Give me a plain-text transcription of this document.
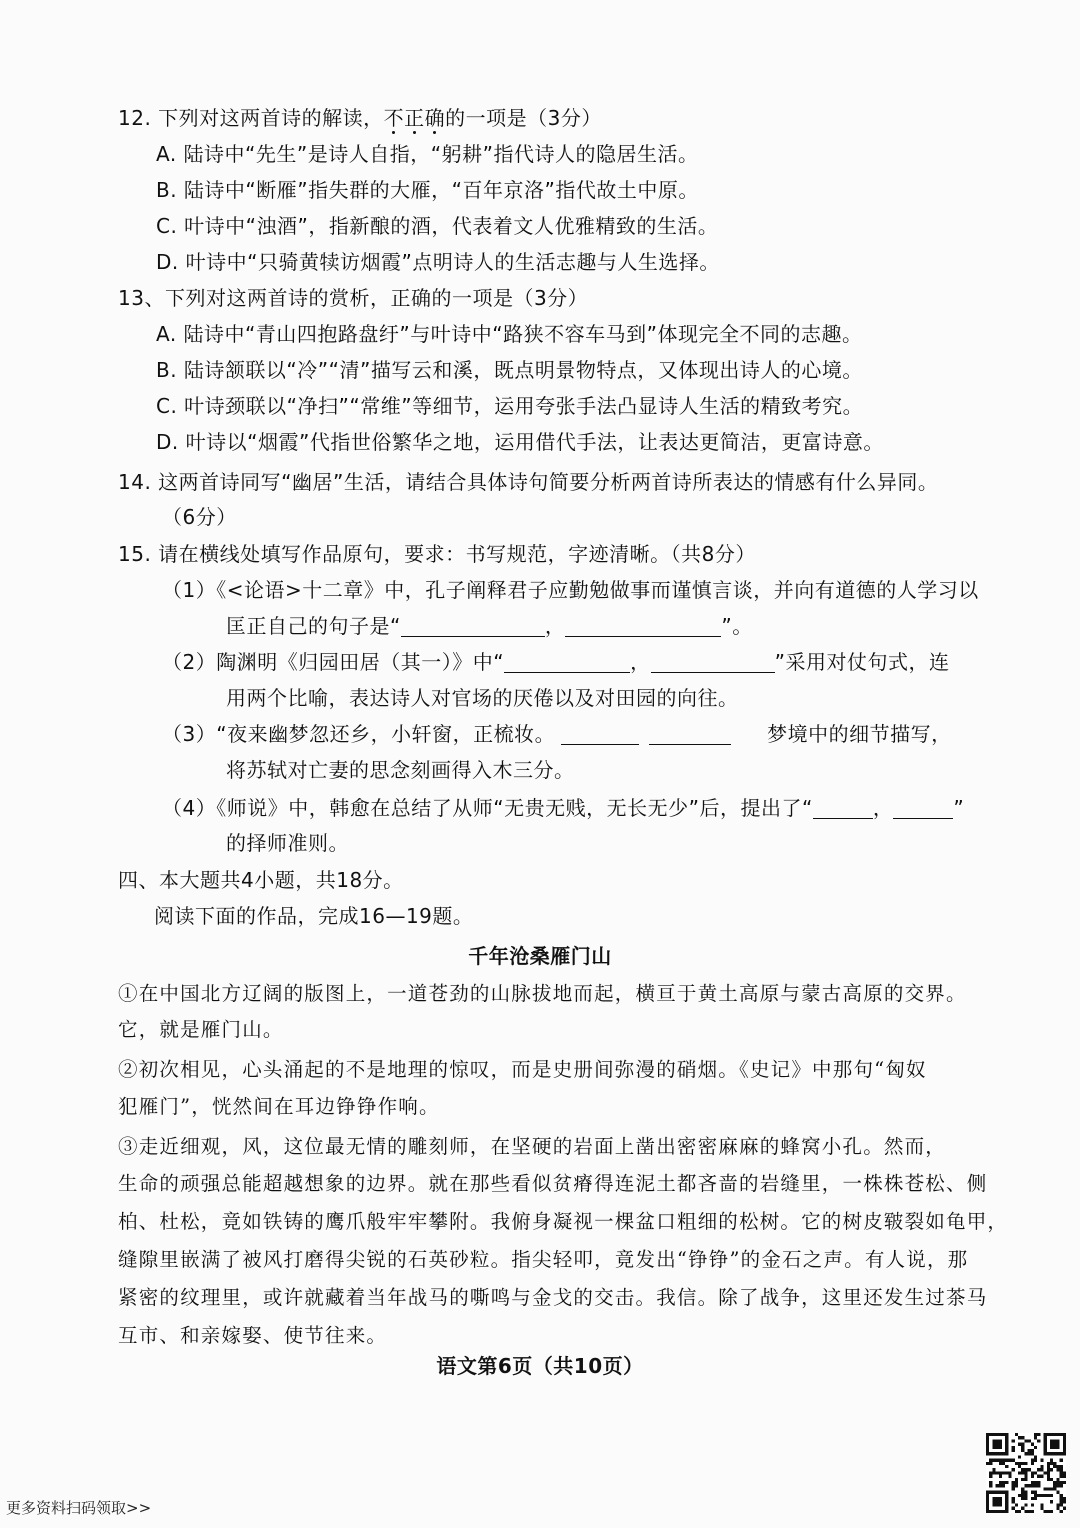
12. 下列对这两首诗的解读，不正确的一项是（3分）
A. 陆诗中“先生”是诗人自指，“躬耕”指代诗人的隐居生活。
B. 陆诗中“断雁”指失群的大雁，“百年京洛”指代故土中原。
C. 叶诗中“浊酒”，指新酿的酒，代表着文人优雅精致的生活。
D. 叶诗中“只骑黄犊访烟霞”点明诗人的生活志趣与人生选择。
13、下列对这两首诗的赏析，正确的一项是（3分）
A. 陆诗中“青山四抱路盘纡”与叶诗中“路狭不容车马到”体现完全不同的志趣。
B. 陆诗颔联以“冷”“清”描写云和溪，既点明景物特点，又体现出诗人的心境。
C. 叶诗颈联以“净扫”“常维”等细节，运用夸张手法凸显诗人生活的精致考究。
D. 叶诗以“烟霞”代指世俗繁华之地，运用借代手法，让表达更简洁，更富诗意。
14. 这两首诗同写“幽居”生活，请结合具体诗句简要分析两首诗所表达的情感有什么异同。
（6分）
15. 请在横线处填写作品原句，要求：书写规范，字迹清晰。（共8分）
（1）《<论语>十二章》中，孔子阐释君子应勤勉做事而谨慎言谈，并向有道德的人学习以
匡正自己的句子是“	，	”。
（2）陶渊明《归园田居（其一）》中“	，	”采用对仗句式，连
用两个比喻，表达诗人对官场的厌倦以及对田园的向往。
（3）“夜来幽梦忽还乡，小轩窗，正梳妆。	梦境中的细节描写，
将苏轼对亡妻的思念刻画得入木三分。
（4）《师说》中，韩愈在总结了从师“无贵无贱，无长无少”后，提出了“	，	”
的择师准则。
四、本大题共4小题，共18分。
阅读下面的作品，完成16—19题。
千年沧桑雁门山
①在中国北方辽阔的版图上，一道苍劲的山脉拔地而起，横亘于黄土高原与蒙古高原的交界。
它，就是雁门山。
②初次相见，心头涌起的不是地理的惊叹，而是史册间弥漫的硝烟。《史记》中那句“匈奴
犯雁门”，恍然间在耳边铮铮作响。
③走近细观，风，这位最无情的雕刻师，在坚硬的岩面上凿出密密麻麻的蜂窝小孔。然而，
生命的顽强总能超越想象的边界。就在那些看似贫瘠得连泥土都吝啬的岩缝里，一株株苍松、侧
柏、杜松，竟如铁铸的鹰爪般牢牢攀附。我俯身凝视一棵盆口粗细的松树。它的树皮皲裂如龟甲，
缝隙里嵌满了被风打磨得尖锐的石英砂粒。指尖轻叩，竟发出“铮铮”的金石之声。有人说，那
紧密的纹理里，或许就藏着当年战马的嘶鸣与金戈的交击。我信。除了战争，这里还发生过茶马
互市、和亲嫁娶、使节往来。
语文第6页（共10页）
更多资料扫码领取>>
